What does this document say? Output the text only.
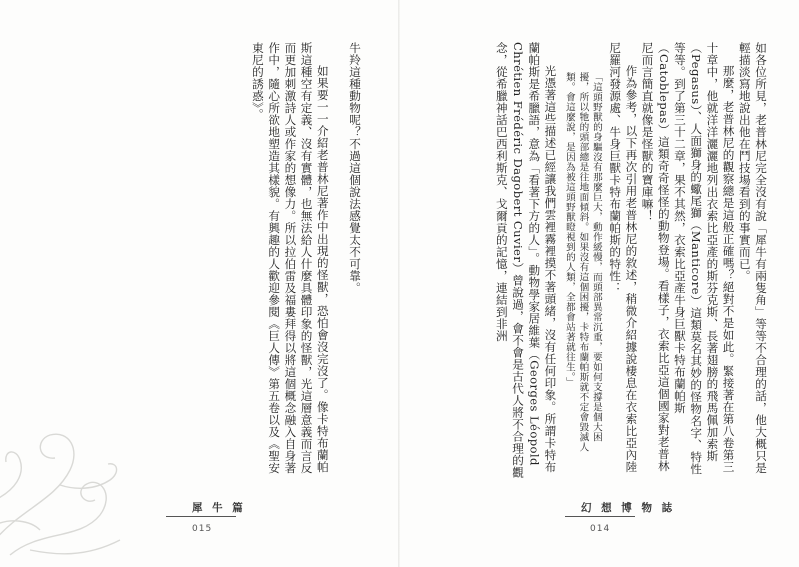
牛羚這種動物呢？不過這個說法感覺太不可靠。

如果要一一介紹老普林尼著作中出現的怪獸，恐怕會沒完沒了。像卡特布蘭帕斯這種空有定義、沒有實體，也無法給人什麼具體印象的怪獸，光這層意義而言反而更加刺激詩人或作家的想像力。所以拉伯雷及福婁拜得以將這個概念融入自身著作中，隨心所欲地塑造其樣貌。有興趣的人歡迎參閱《巨人傳》第五卷以及《聖安東尼的誘惑》。

犀 牛 篇
015

如各位所見，老普林尼完全沒有說「犀牛有兩隻角」等等不合理的話，他大概只是輕描淡寫地說出他在鬥技場看到的事實而已。

那麼，老普林尼的觀察總是這般正確嗎？絕對不是如此。緊接著在第八卷第三十章中，他就洋洋灑灑地列出衣索比亞產的斯芬克斯、長著翅膀的飛馬佩加索斯（Pegasus）、人面獅身的蠍尾獅（Manticore）這類莫名其妙的怪物名字、特性等等。到了第三十二章，果不其然，衣索比亞產牛身巨獸卡特布蘭帕斯（Catoblepas）這類奇奇怪怪的動物登場。看樣子，衣索比亞這個國家對老普林尼而言簡直就像是怪獸的寶庫嘛！

作為參考，以下再次引用老普林尼的敘述，稍微介紹據說棲息在衣索比亞內陸尼羅河發源處、牛身巨獸卡特布蘭帕斯的特性：

「這頭野獸的身驅沒有那麼巨大，動作緩慢，而頭部異常沉重，要如何支撐是個大困擾，所以牠的頭部總是往地面傾斜。如果沒有這個困擾，卡特布蘭帕斯就不定會毀滅人類。會這麼說，是因為被這頭野獸瞪視到的人類，全都會站著就往生。」

光憑著這些描述已經讓我們雲裡霧裡摸不著頭緒，沒有任何印象。所謂卡特布蘭帕斯是希臘語，意為「看著下方的人」。動物學家居維葉（Georges Léopold Chrétien Frédéric Dagobert Cuvier）曾說過，會不會是古代人將不合理的觀念，從希臘神話巴西利斯克、戈爾貢的記憶，連結到非洲

幻 想 博 物 誌
014
